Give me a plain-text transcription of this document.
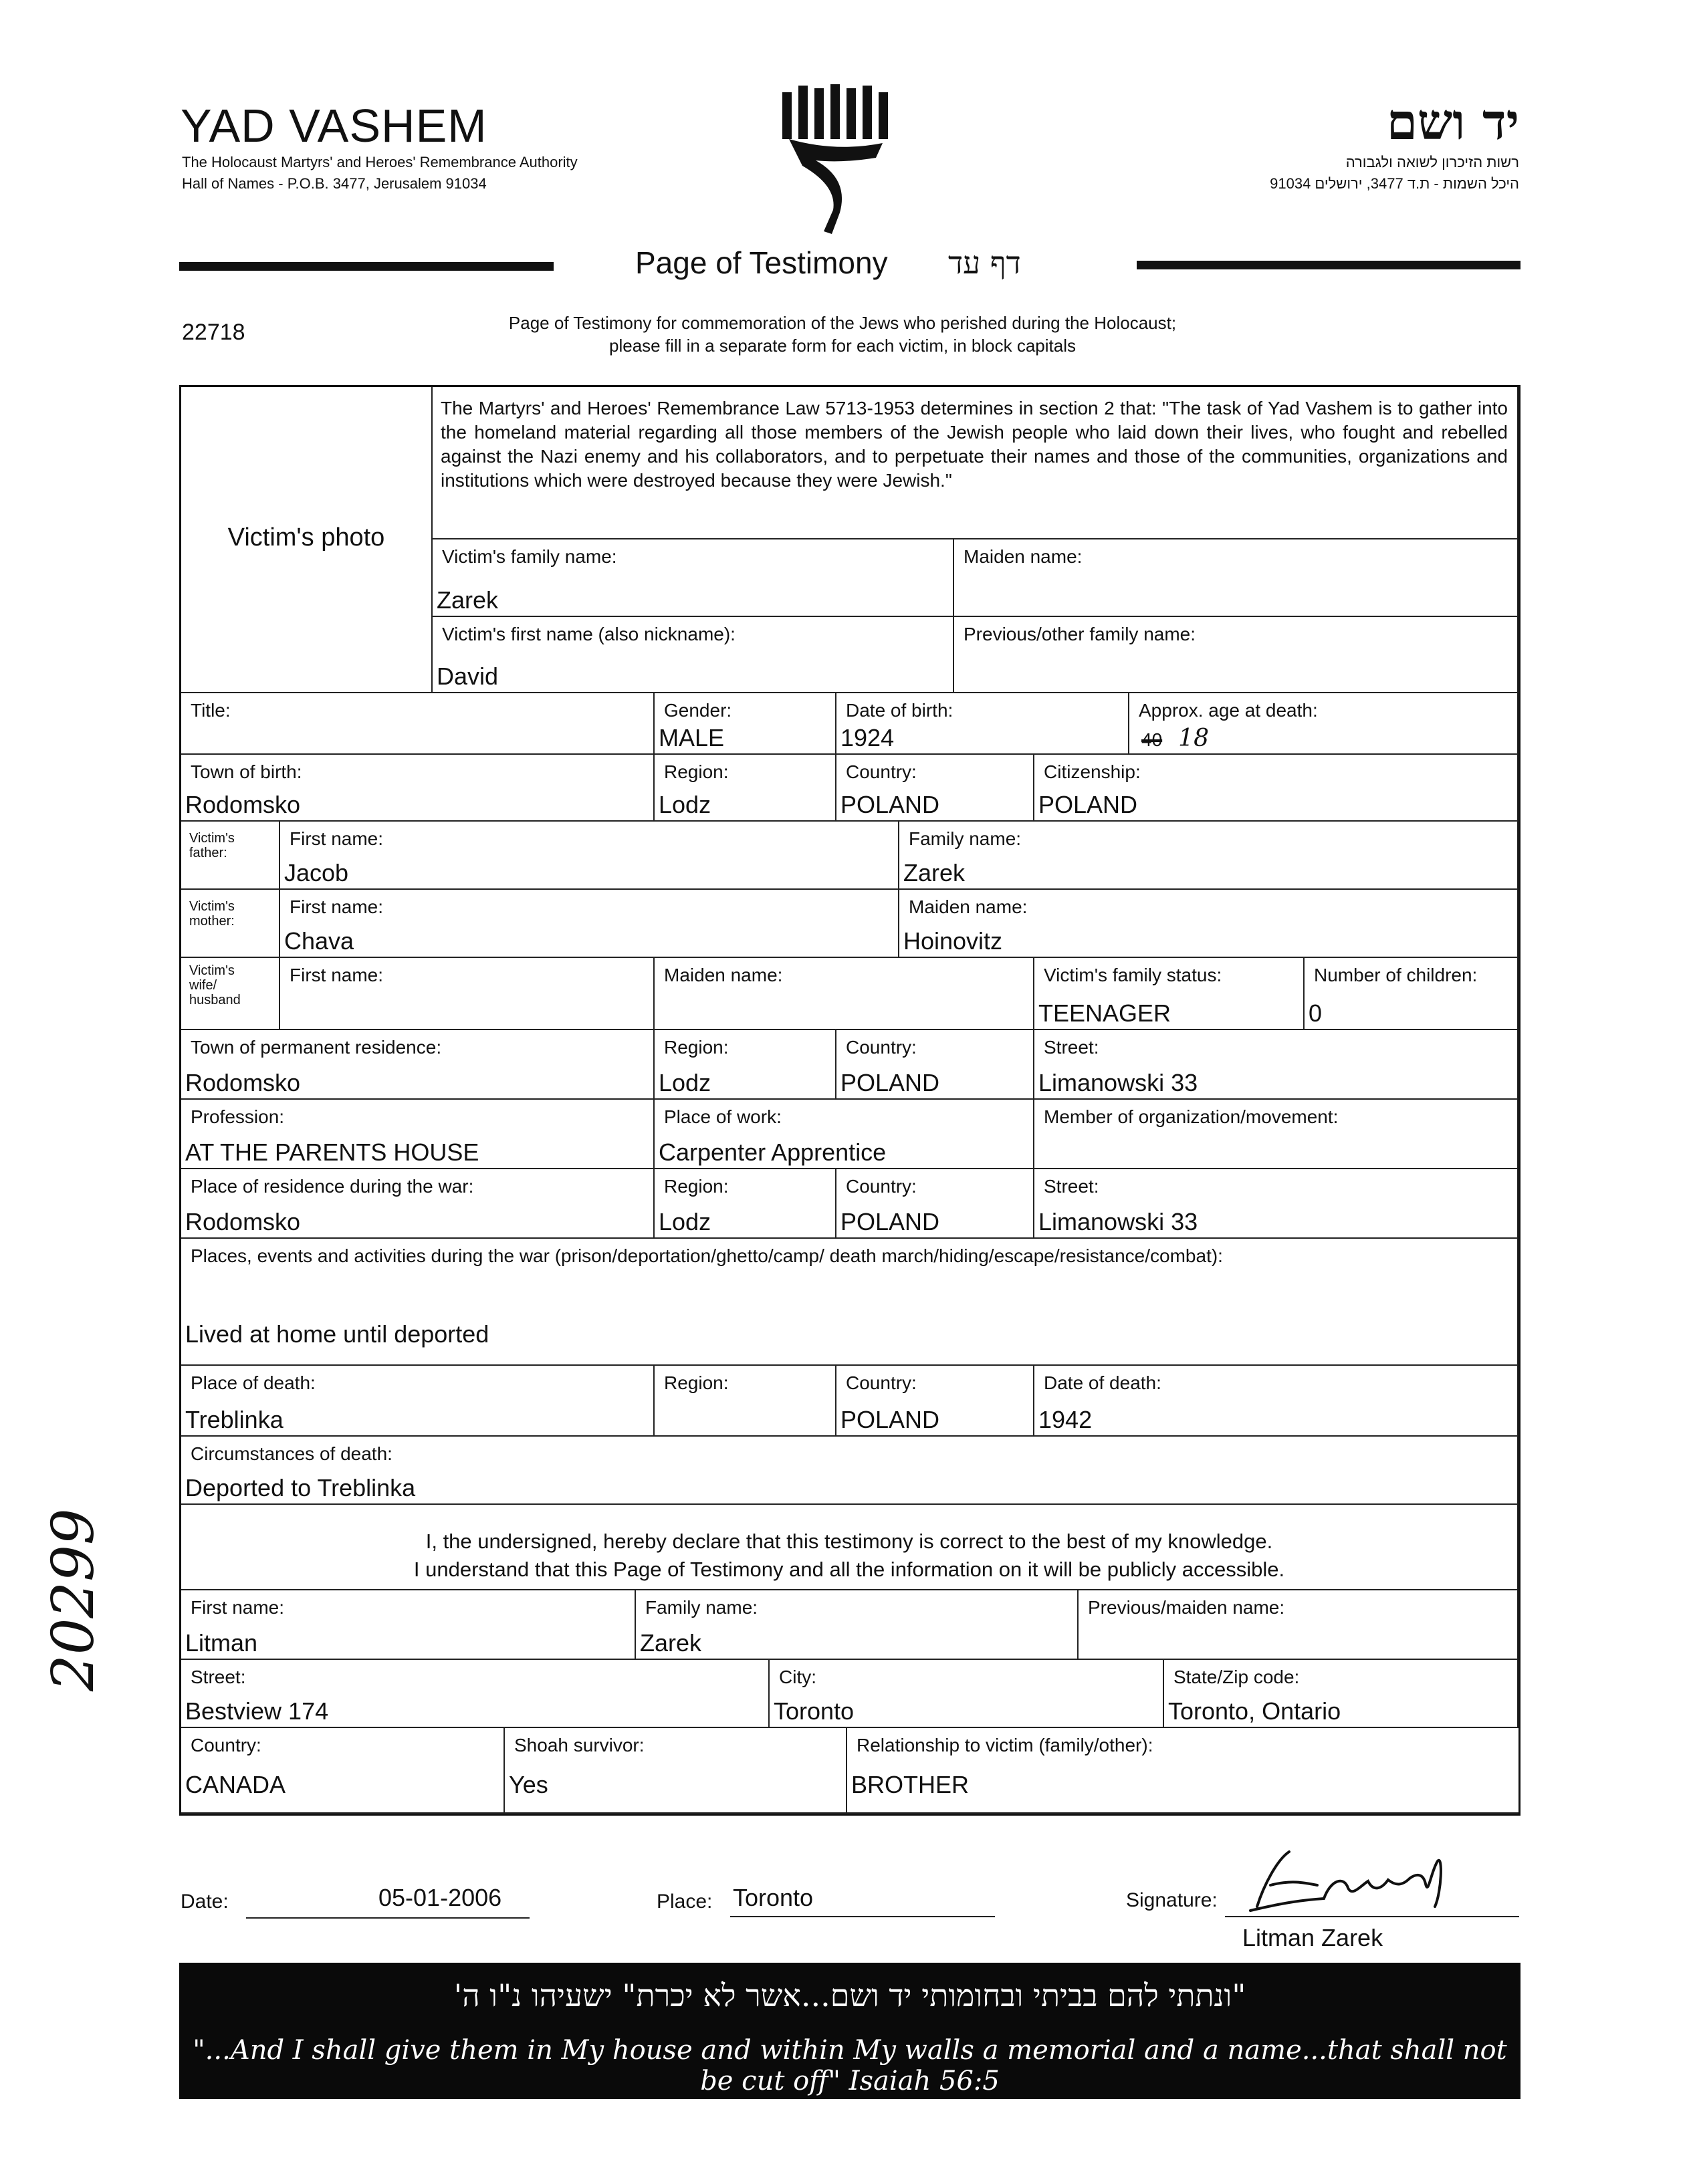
YAD VASHEM
The Holocaust Martyrs' and Heroes' Remembrance Authority
Hall of Names - P.O.B. 3477, Jerusalem 91034
יד ושם
רשות הזיכרון לשואה ולגבורה
היכל השמות - ת.ד 3477, ירושלים 91034
Page of Testimony דף עד
22718	Page of Testimony for commemoration of the Jews who perished during the Holocaust;
please fill in a separate form for each victim, in block capitals
Victim's photo
The Martyrs' and Heroes' Remembrance Law 5713-1953 determines in section 2 that: "The task of Yad Vashem is to gather into the homeland material regarding all those members of the Jewish people who laid down their lives, who fought and rebelled against the Nazi enemy and his collaborators, and to perpetuate their names and those of the communities, organizations and institutions which were destroyed because they were Jewish."
Victim's family name:
Zarek
Maiden name:
Victim's first name (also nickname):
David
Previous/other family name:
Title:	Gender:
MALE
Date of birth:
1924
Approx. age at death:
40 18
Town of birth:
Rodomsko
Region:
Lodz
Country:
POLAND
Citizenship:
POLAND
Victim's father:
First name:
Jacob
Family name:
Zarek
Victim's mother:
First name:
Chava
Maiden name:
Hoinovitz
Victim's wife/ husband
First name:	Maiden name:	Victim's family status:
TEENAGER
Number of children:
0
Town of permanent residence:
Rodomsko
Region:
Lodz
Country:
POLAND
Street:
Limanowski 33
Profession:
AT THE PARENTS HOUSE
Place of work:
Carpenter Apprentice
Member of organization/movement:
Place of residence during the war:
Rodomsko
Region:
Lodz
Country:
POLAND
Street:
Limanowski 33
Places, events and activities during the war (prison/deportation/ghetto/camp/ death march/hiding/escape/resistance/combat):
Lived at home until deported
Place of death:
Treblinka
Region:	Country:
POLAND
Date of death:
1942
Circumstances of death:
Deported to Treblinka
I, the undersigned, hereby declare that this testimony is correct to the best of my knowledge.
I understand that this Page of Testimony and all the information on it will be publicly accessible.
First name:
Litman
Family name:
Zarek
Previous/maiden name:
Street:
Bestview 174
City:
Toronto
State/Zip code:
Toronto, Ontario
Country:
CANADA
Shoah survivor:
Yes
Relationship to victim (family/other):
BROTHER
20299
Date:	05-01-2006	Place: Toronto	Signature:
Litman Zarek
"ונתתי להם בביתי ובחומותי יד ושם...אשר לא יכרת" ישעיהו נ"ו ה'
"...And I shall give them in My house and within My walls a memorial and a name...that shall not be cut off" Isaiah 56:5
